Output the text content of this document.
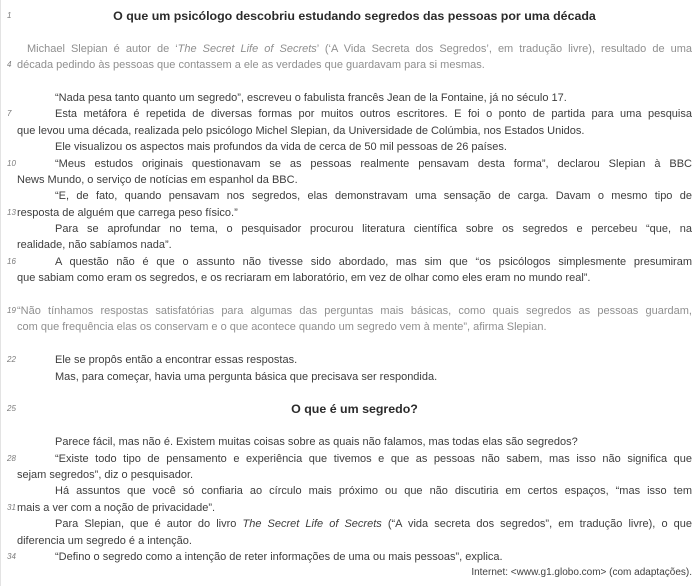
1	O que um psicólogo descobriu estudando segredos das pessoas por uma década
Michael Slepian é autor de ‘The Secret Life of Secrets’ (‘A Vida Secreta dos Segredos’, em tradução livre), resultado de uma
4 década pedindo às pessoas que contassem a ele as verdades que guardavam para si mesmas.
“Nada pesa tanto quanto um segredo”, escreveu o fabulista francês Jean de la Fontaine, já no século 17.
7	Esta metáfora é repetida de diversas formas por muitos outros escritores. E foi o ponto de partida para uma pesquisa
que levou uma década, realizada pelo psicólogo Michel Slepian, da Universidade de Colúmbia, nos Estados Unidos.
Ele visualizou os aspectos mais profundos da vida de cerca de 50 mil pessoas de 26 países.
10	“Meus estudos originais questionavam se as pessoas realmente pensavam desta forma”, declarou Slepian à BBC
News Mundo, o serviço de notícias em espanhol da BBC.
“E, de fato, quando pensavam nos segredos, elas demonstravam uma sensação de carga. Davam o mesmo tipo de
13 resposta de alguém que carrega peso físico.”
Para se aprofundar no tema, o pesquisador procurou literatura científica sobre os segredos e percebeu “que, na
realidade, não sabíamos nada”.
16	A questão não é que o assunto não tivesse sido abordado, mas sim que “os psicólogos simplesmente presumiram
que sabiam como eram os segredos, e os recriaram em laboratório, em vez de olhar como eles eram no mundo real”.
19 “Não tínhamos respostas satisfatórias para algumas das perguntas mais básicas, como quais segredos as pessoas guardam,
com que frequência elas os conservam e o que acontece quando um segredo vem à mente”, afirma Slepian.
22	Ele se propôs então a encontrar essas respostas.
Mas, para começar, havia uma pergunta básica que precisava ser respondida.
25	O que é um segredo?
Parece fácil, mas não é. Existem muitas coisas sobre as quais não falamos, mas todas elas são segredos?
28	“Existe todo tipo de pensamento e experiência que tivemos e que as pessoas não sabem, mas isso não significa que
sejam segredos”, diz o pesquisador.
Há assuntos que você só confiaria ao círculo mais próximo ou que não discutiria em certos espaços, “mas isso tem
31 mais a ver com a noção de privacidade”.
Para Slepian, que é autor do livro The Secret Life of Secrets (“A vida secreta dos segredos”, em tradução livre), o que
diferencia um segredo é a intenção.
34	“Defino o segredo como a intenção de reter informações de uma ou mais pessoas”, explica.
Internet: <www.g1.globo.com> (com adaptações).
